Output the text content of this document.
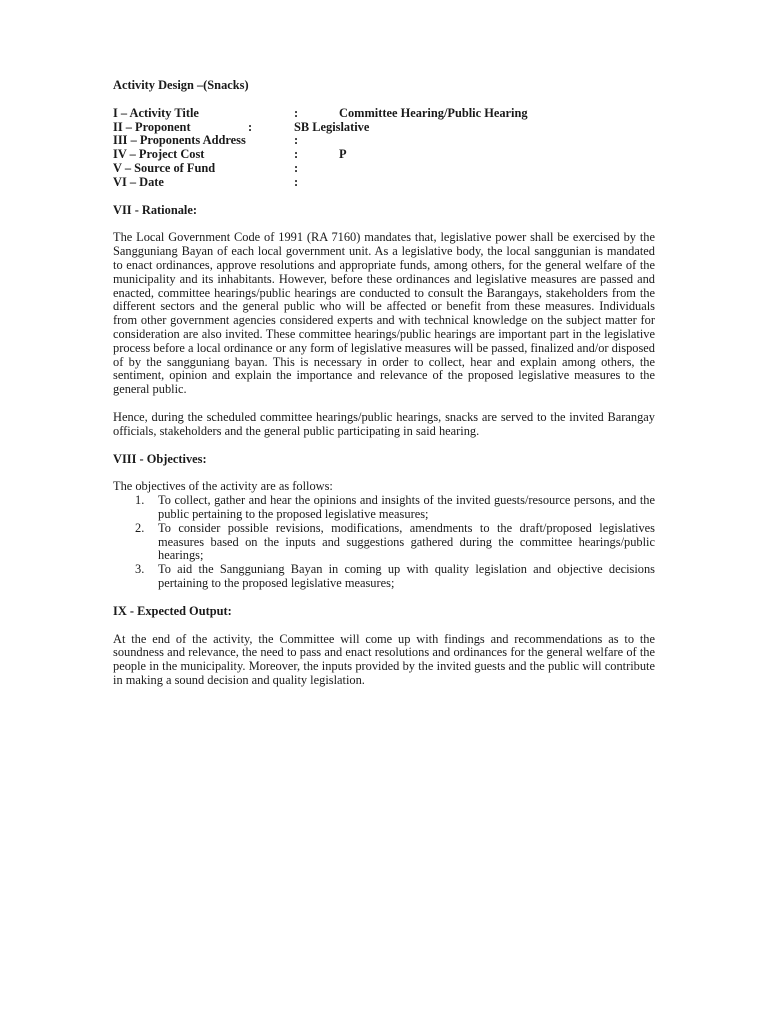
Activity Design –(Snacks)
I – Activity Title	:	Committee Hearing/Public Hearing
II – Proponent	:	SB Legislative
III – Proponents Address	:
IV – Project Cost	:	P
V – Source of Fund	:
VI – Date	:
VII - Rationale:

The Local Government Code of 1991 (RA 7160) mandates that, legislative power shall be exercised by the Sangguniang Bayan of each local government unit. As a legislative body, the local sanggunian is mandated to enact ordinances, approve resolutions and appropriate funds, among others, for the general welfare of the municipality and its inhabitants. However, before these ordinances and legislative measures are passed and enacted, committee hearings/public hearings are conducted to consult the Barangays, stakeholders from the different sectors and the general public who will be affected or benefit from these measures. Individuals from other government agencies considered experts and with technical knowledge on the subject matter for consideration are also invited. These committee hearings/public hearings are important part in the legislative process before a local ordinance or any form of legislative measures will be passed, finalized and/or disposed of by the sangguniang bayan. This is necessary in order to collect, hear and explain among others, the sentiment, opinion and explain the importance and relevance of the proposed legislative measures to the general public.

Hence, during the scheduled committee hearings/public hearings, snacks are served to the invited Barangay officials, stakeholders and the general public participating in said hearing.

VIII - Objectives:

The objectives of the activity are as follows:

1. To collect, gather and hear the opinions and insights of the invited guests/resource persons, and the public pertaining to the proposed legislative measures;
2. To consider possible revisions, modifications, amendments to the draft/proposed legislatives measures based on the inputs and suggestions gathered during the committee hearings/public hearings;
3. To aid the Sangguniang Bayan in coming up with quality legislation and objective decisions pertaining to the proposed legislative measures;
IX - Expected Output:

At the end of the activity, the Committee will come up with findings and recommendations as to the soundness and relevance, the need to pass and enact resolutions and ordinances for the general welfare of the people in the municipality. Moreover, the inputs provided by the invited guests and the public will contribute in making a sound decision and quality legislation.
